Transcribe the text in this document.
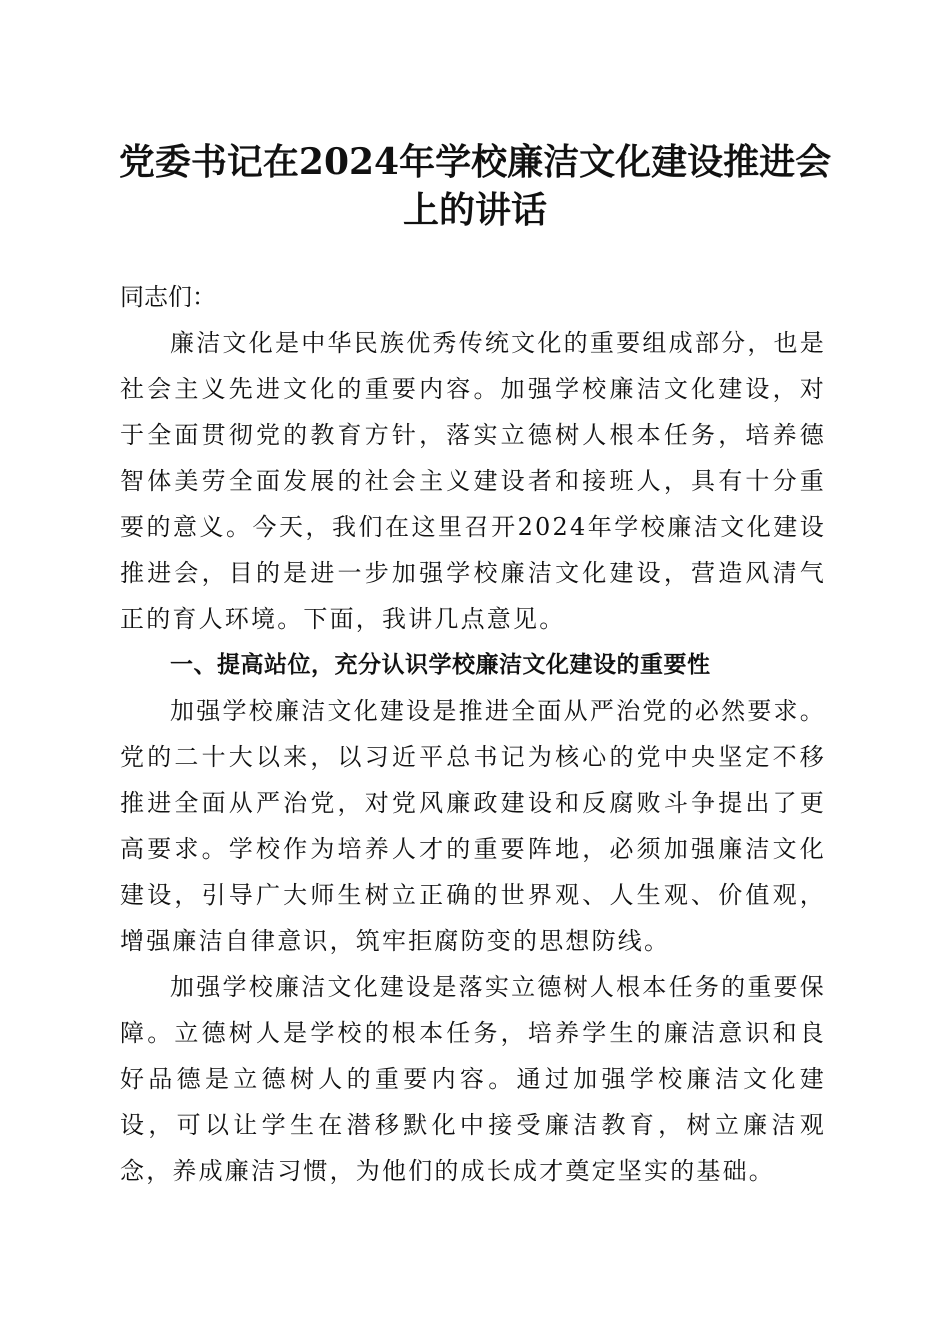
党委书记在2024年学校廉洁文化建设推进会
上的讲话

同志们：

廉洁文化是中华民族优秀传统文化的重要组成部分，也是社会主义先进文化的重要内容。加强学校廉洁文化建设，对于全面贯彻党的教育方针，落实立德树人根本任务，培养德智体美劳全面发展的社会主义建设者和接班人，具有十分重要的意义。今天，我们在这里召开2024年学校廉洁文化建设推进会，目的是进一步加强学校廉洁文化建设，营造风清气正的育人环境。下面，我讲几点意见。

一、提高站位，充分认识学校廉洁文化建设的重要性

加强学校廉洁文化建设是推进全面从严治党的必然要求。党的二十大以来，以习近平总书记为核心的党中央坚定不移推进全面从严治党，对党风廉政建设和反腐败斗争提出了更高要求。学校作为培养人才的重要阵地，必须加强廉洁文化建设，引导广大师生树立正确的世界观、人生观、价值观，增强廉洁自律意识，筑牢拒腐防变的思想防线。

加强学校廉洁文化建设是落实立德树人根本任务的重要保障。立德树人是学校的根本任务，培养学生的廉洁意识和良好品德是立德树人的重要内容。通过加强学校廉洁文化建设，可以让学生在潜移默化中接受廉洁教育，树立廉洁观念，养成廉洁习惯，为他们的成长成才奠定坚实的基础。
